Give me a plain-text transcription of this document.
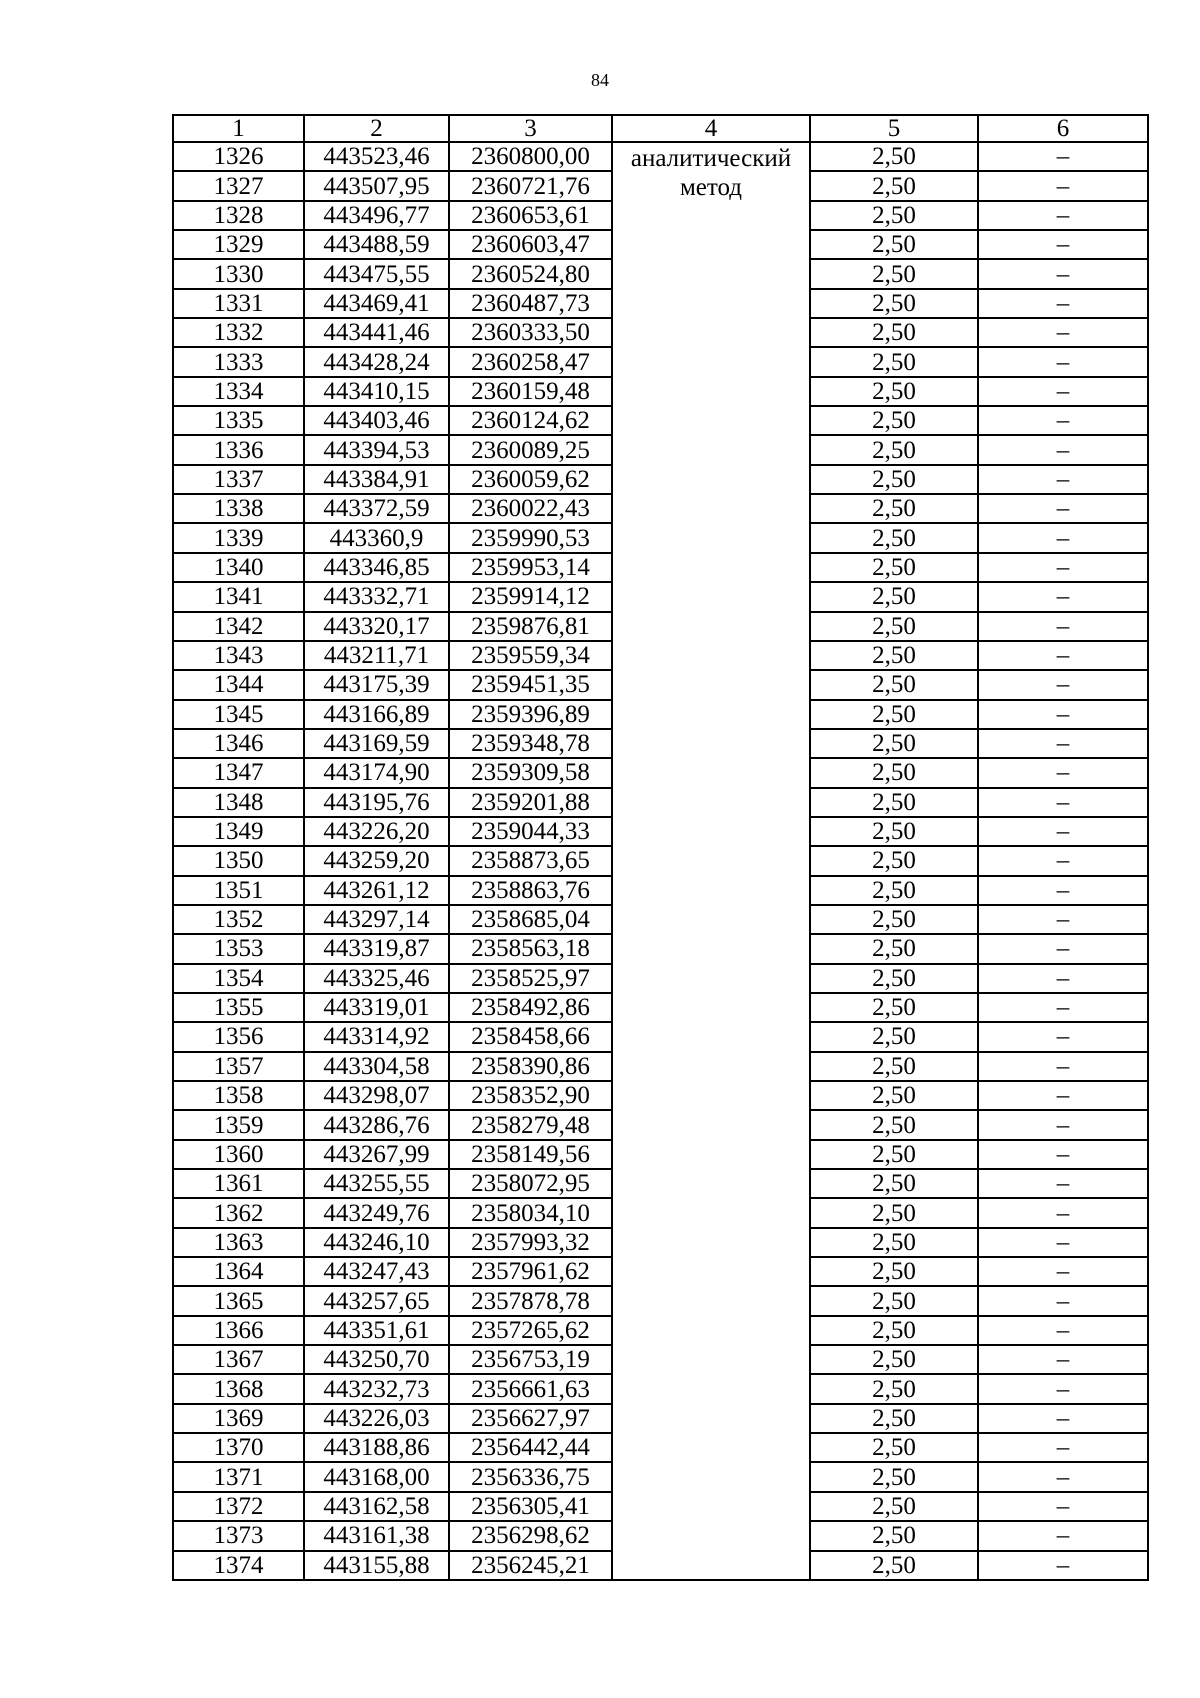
84
1	2	3	4	5	6
1326	443523,46	2360800,00	аналитический метод	2,50	–
1327	443507,95	2360721,76		2,50	–
1328	443496,77	2360653,61		2,50	–
1329	443488,59	2360603,47		2,50	–
1330	443475,55	2360524,80		2,50	–
1331	443469,41	2360487,73		2,50	–
1332	443441,46	2360333,50		2,50	–
1333	443428,24	2360258,47		2,50	–
1334	443410,15	2360159,48		2,50	–
1335	443403,46	2360124,62		2,50	–
1336	443394,53	2360089,25		2,50	–
1337	443384,91	2360059,62		2,50	–
1338	443372,59	2360022,43		2,50	–
1339	443360,9	2359990,53		2,50	–
1340	443346,85	2359953,14		2,50	–
1341	443332,71	2359914,12		2,50	–
1342	443320,17	2359876,81		2,50	–
1343	443211,71	2359559,34		2,50	–
1344	443175,39	2359451,35		2,50	–
1345	443166,89	2359396,89		2,50	–
1346	443169,59	2359348,78		2,50	–
1347	443174,90	2359309,58		2,50	–
1348	443195,76	2359201,88		2,50	–
1349	443226,20	2359044,33		2,50	–
1350	443259,20	2358873,65		2,50	–
1351	443261,12	2358863,76		2,50	–
1352	443297,14	2358685,04		2,50	–
1353	443319,87	2358563,18		2,50	–
1354	443325,46	2358525,97		2,50	–
1355	443319,01	2358492,86		2,50	–
1356	443314,92	2358458,66		2,50	–
1357	443304,58	2358390,86		2,50	–
1358	443298,07	2358352,90		2,50	–
1359	443286,76	2358279,48		2,50	–
1360	443267,99	2358149,56		2,50	–
1361	443255,55	2358072,95		2,50	–
1362	443249,76	2358034,10		2,50	–
1363	443246,10	2357993,32		2,50	–
1364	443247,43	2357961,62		2,50	–
1365	443257,65	2357878,78		2,50	–
1366	443351,61	2357265,62		2,50	–
1367	443250,70	2356753,19		2,50	–
1368	443232,73	2356661,63		2,50	–
1369	443226,03	2356627,97		2,50	–
1370	443188,86	2356442,44		2,50	–
1371	443168,00	2356336,75		2,50	–
1372	443162,58	2356305,41		2,50	–
1373	443161,38	2356298,62		2,50	–
1374	443155,88	2356245,21		2,50	–
